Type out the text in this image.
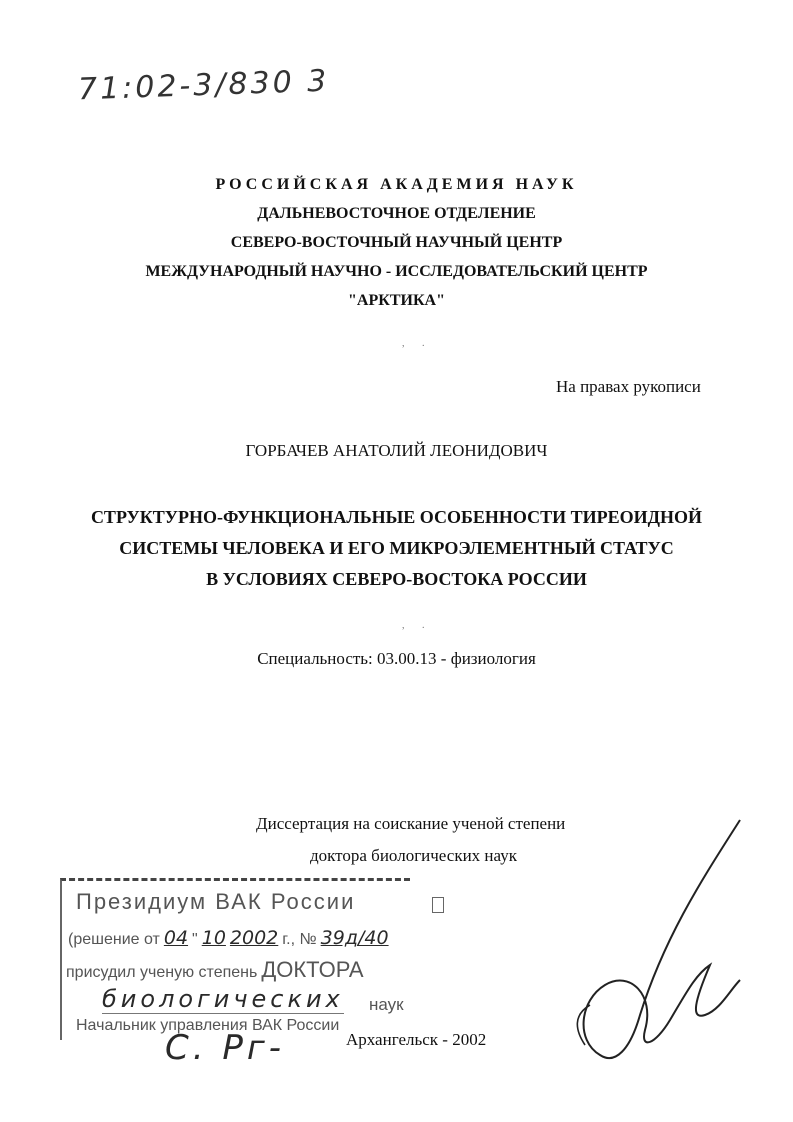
71:02-3/830 3
РОССИЙСКАЯ АКАДЕМИЯ НАУК
ДАЛЬНЕВОСТОЧНОЕ ОТДЕЛЕНИЕ
СЕВЕРО-ВОСТОЧНЫЙ НАУЧНЫЙ ЦЕНТР
МЕЖДУНАРОДНЫЙ НАУЧНО - ИССЛЕДОВАТЕЛЬСКИЙ ЦЕНТР
"АРКТИКА"
,       .
На правах рукописи
ГОРБАЧЕВ АНАТОЛИЙ ЛЕОНИДОВИЧ
СТРУКТУРНО-ФУНКЦИОНАЛЬНЫЕ ОСОБЕННОСТИ ТИРЕОИДНОЙ
СИСТЕМЫ ЧЕЛОВЕКА И ЕГО МИКРОЭЛЕМЕНТНЫЙ СТАТУС
В УСЛОВИЯХ СЕВЕРО-ВОСТОКА РОССИИ
,       .
Специальность: 03.00.13 - физиология
Диссертация на соискание ученой степени
доктора биологических наук
Президиум ВАК России
(решение от 04 " 10 2002 г., № 39д/40
присудил ученую степень ДОКТОРА
биологических наук
Начальник управления ВАК России
С. Рг-	Архангельск - 2002
